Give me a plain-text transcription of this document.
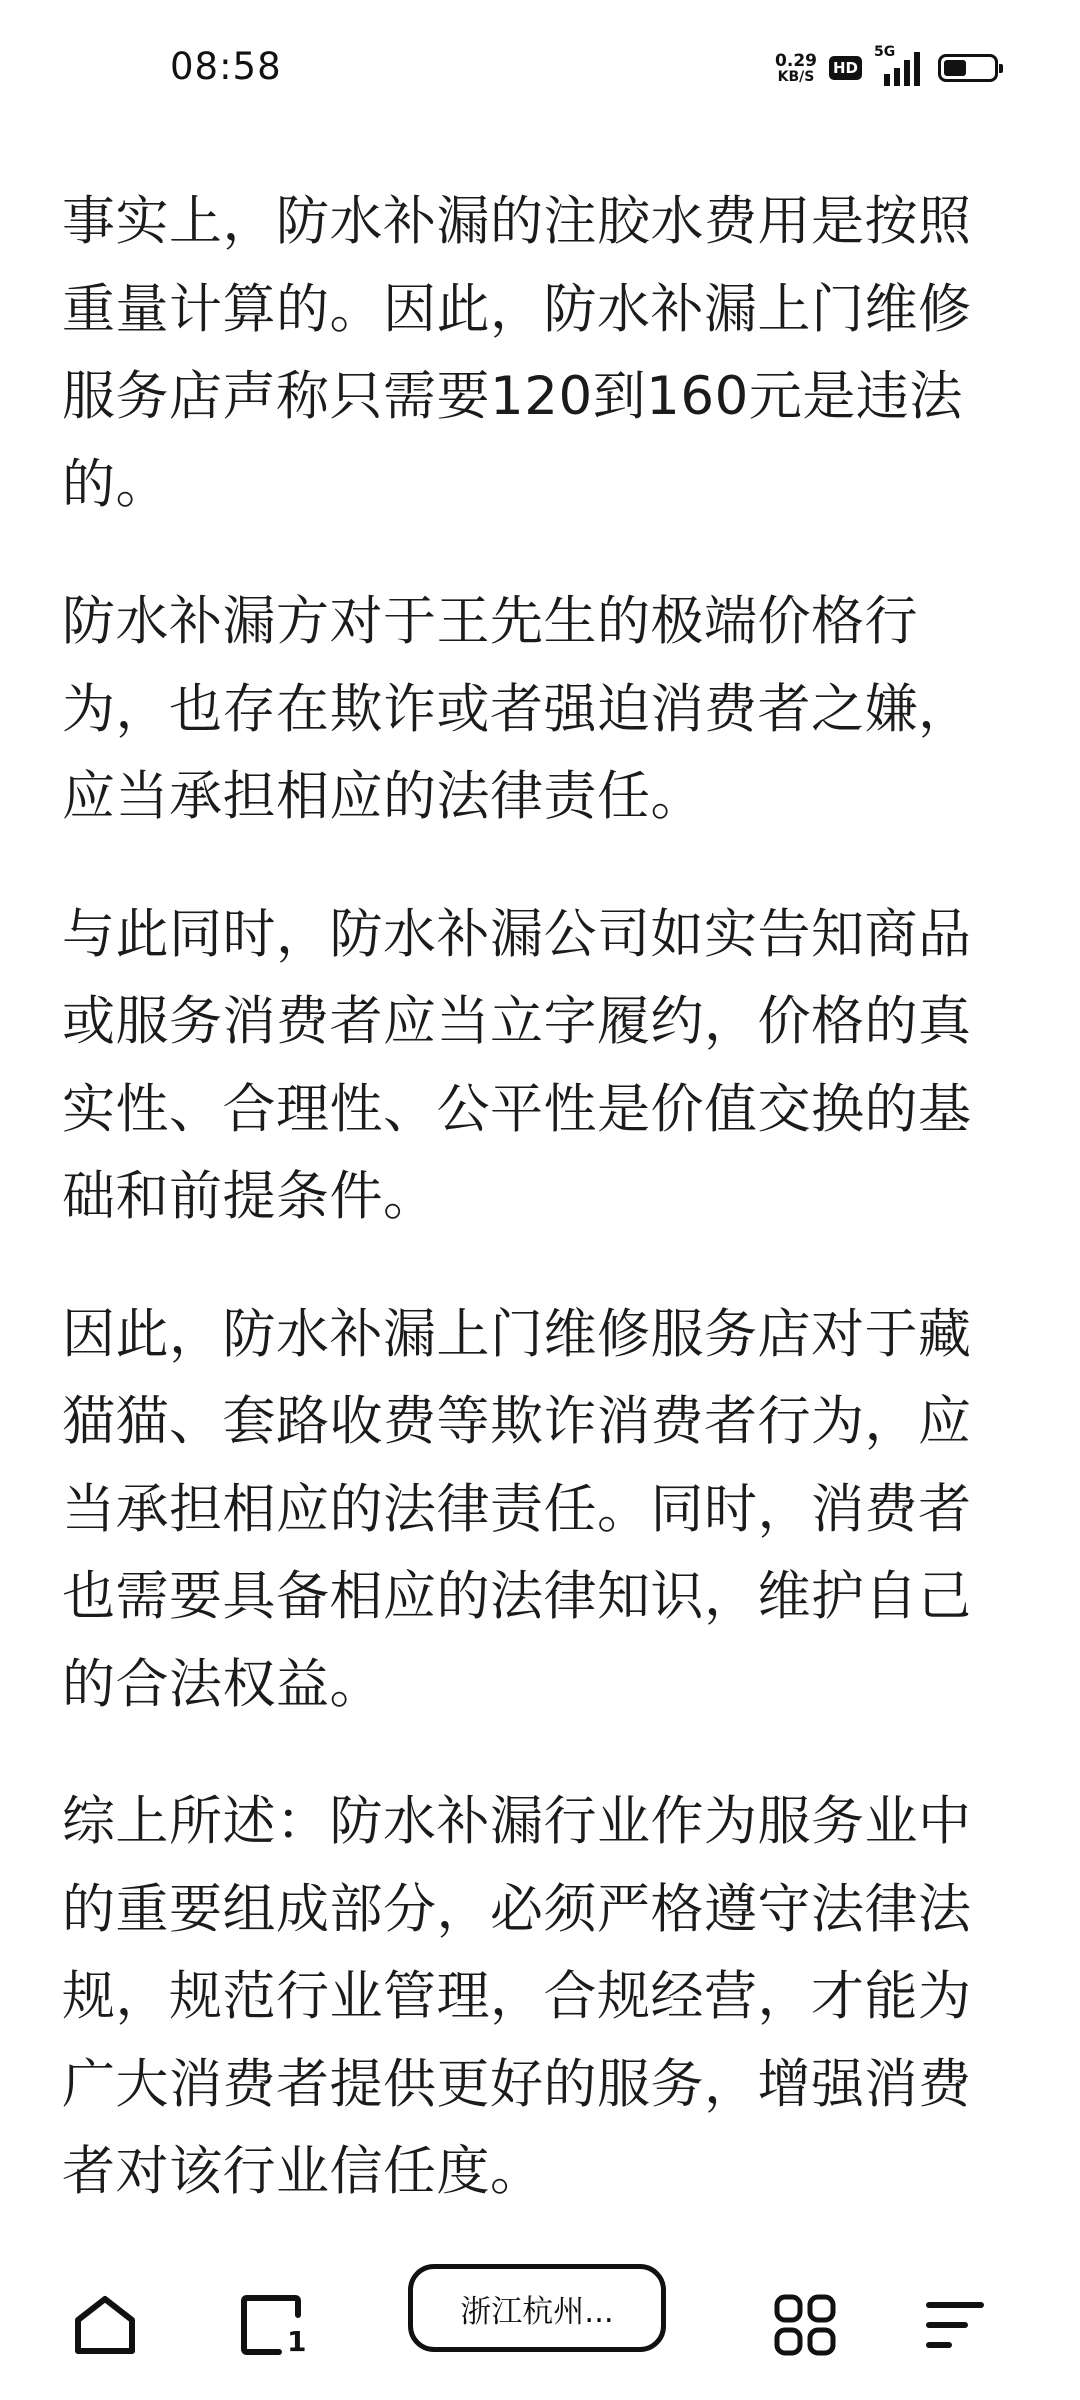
08:58	0.29
KB/S HD
5G

事实上，防水补漏的注胶水费用是按照重量计算的。因此，防水补漏上门维修服务店声称只需要120到160元是违法的。

防水补漏方对于王先生的极端价格行为，也存在欺诈或者强迫消费者之嫌，应当承担相应的法律责任。

与此同时，防水补漏公司如实告知商品或服务消费者应当立字履约，价格的真实性、合理性、公平性是价值交换的基础和前提条件。

因此，防水补漏上门维修服务店对于藏猫猫、套路收费等欺诈消费者行为，应当承担相应的法律责任。同时，消费者也需要具备相应的法律知识，维护自己的合法权益。

综上所述：防水补漏行业作为服务业中的重要组成部分，必须严格遵守法律法规，规范行业管理，合规经营，才能为广大消费者提供更好的服务，增强消费者对该行业信任度。

1
浙江杭州...
